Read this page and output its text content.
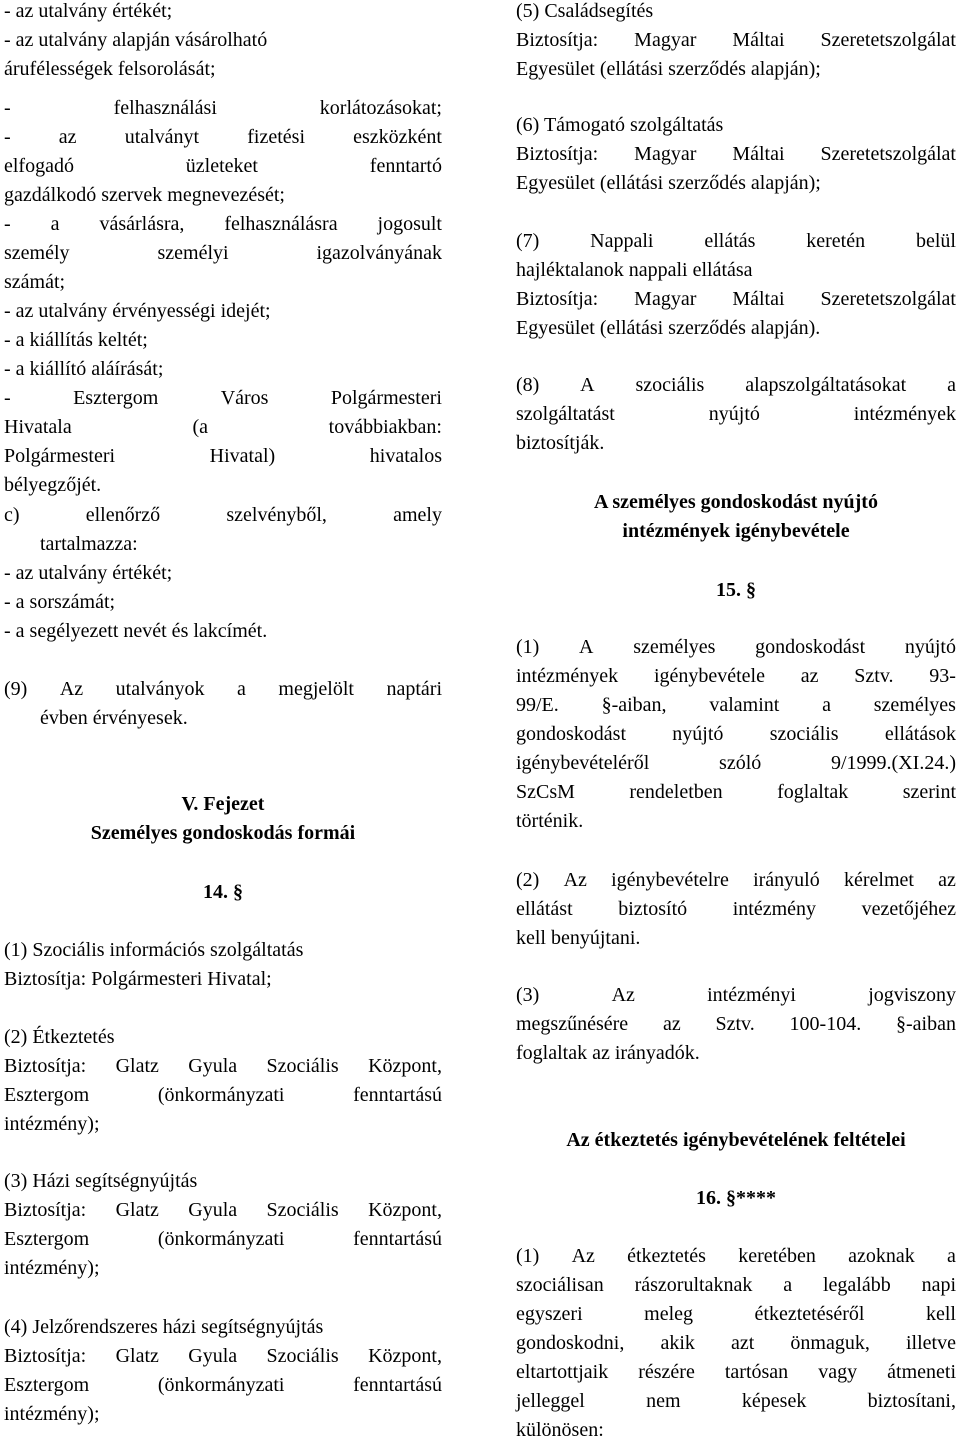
- az utalvány értékét;
- az utalvány alapján vásárolható
árufélességek felsorolását;
-	felhasználási	korlátozásokat;
- az utalványt fizetési eszközként
elfogadó	üzleteket	fenntartó
gazdálkodó szervek megnevezését;
- a vásárlásra, felhasználásra jogosult
személy	személyi	igazolványának
számát;
- az utalvány érvényességi idejét;
- a kiállítás keltét;
- a kiállító aláírását;
-	Esztergom	Város	Polgármesteri
Hivatala	(a	továbbiakban:
Polgármesteri	Hivatal)	hivatalos
bélyegzőjét.
c)	ellenőrző	szelvényből,	amely
tartalmazza:
- az utalvány értékét;
- a sorszámát;
- a segélyezett nevét és lakcímét.
(9) Az utalványok a megjelölt naptári
évben érvényesek.
V. Fejezet
Személyes gondoskodás formái
14. §
(1) Szociális információs szolgáltatás
Biztosítja: Polgármesteri Hivatal;
(2) Étkeztetés
Biztosítja: Glatz Gyula Szociális Központ,
Esztergom	(önkormányzati	fenntartású
intézmény);
(3) Házi segítségnyújtás
Biztosítja: Glatz Gyula Szociális Központ,
Esztergom	(önkormányzati	fenntartású
intézmény);
(4) Jelzőrendszeres házi segítségnyújtás
Biztosítja: Glatz Gyula Szociális Központ,
Esztergom	(önkormányzati	fenntartású
intézmény);
(5) Családsegítés
Biztosítja: Magyar Máltai Szeretetszolgálat
Egyesület (ellátási szerződés alapján);
(6) Támogató szolgáltatás
Biztosítja: Magyar Máltai Szeretetszolgálat
Egyesület (ellátási szerződés alapján);
(7)	Nappali	ellátás	keretén	belül
hajléktalanok nappali ellátása
Biztosítja: Magyar Máltai Szeretetszolgálat
Egyesület (ellátási szerződés alapján).
(8) A szociális alapszolgáltatásokat a
szolgáltatást	nyújtó	intézmények
biztosítják.
A személyes gondoskodást nyújtó
intézmények igénybevétele
15. §
(1) A személyes gondoskodást nyújtó
intézmények igénybevétele az Sztv. 93-
99/E. §-aiban, valamint a személyes
gondoskodást nyújtó szociális ellátások
igénybevételéről	szóló	9/1999.(XI.24.)
SzCsM	rendeletben	foglaltak	szerint
történik.
(2) Az igénybevételre irányuló kérelmet az
ellátást biztosító intézmény vezetőjéhez
kell benyújtani.
(3)	Az	intézményi	jogviszony
megszűnésére az Sztv. 100-104. §-aiban
foglaltak az irányadók.
Az étkeztetés igénybevételének feltételei
16. §****
(1) Az étkeztetés keretében azoknak a
szociálisan rászorultaknak a legalább napi
egyszeri	meleg	étkeztetéséről	kell
gondoskodni, akik azt önmaguk, illetve
eltartottjaik részére tartósan vagy átmeneti
jelleggel	nem	képesek	biztosítani,
különösen:
